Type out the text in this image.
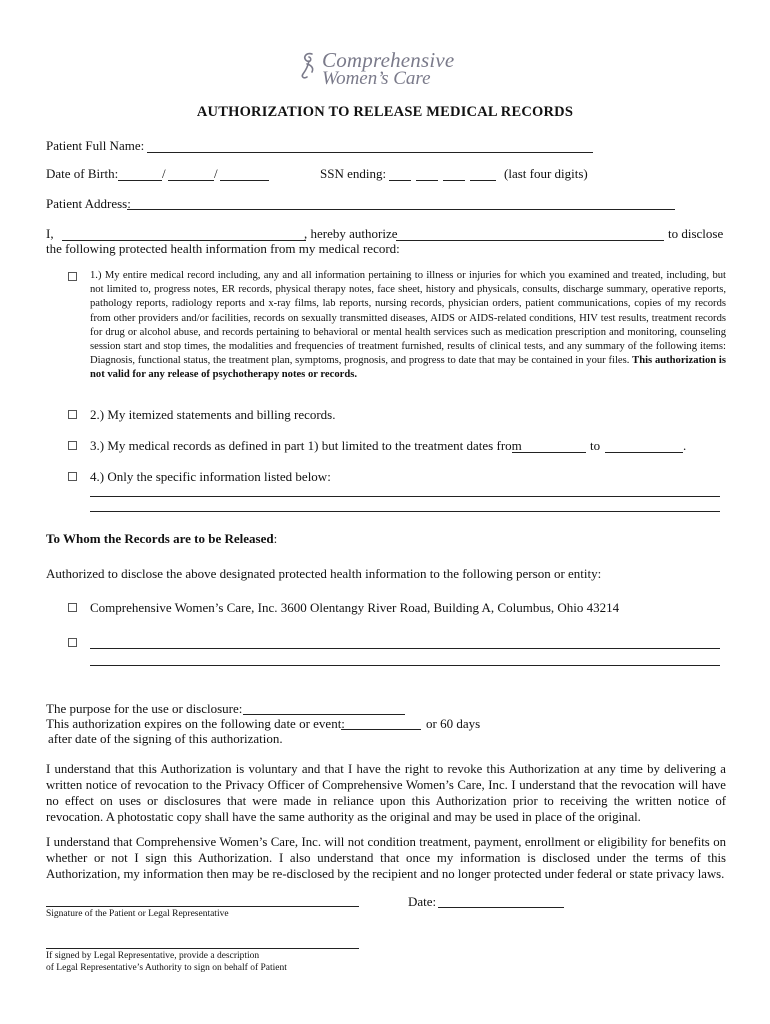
Comprehensive
Women’s Care
AUTHORIZATION TO RELEASE MEDICAL RECORDS
Patient Full Name:
Date of Birth:	/	/	SSN ending:	(last four digits)
Patient Address:
I,	, hereby authorize	to disclose
the following protected health information from my medical record:
1.) My entire medical record including, any and all information pertaining to illness or injuries for which you examined and treated, including, but not limited to, progress notes, ER records, physical therapy notes, face sheet, history and physicals, consults, discharge summary, operative reports, pathology reports, radiology reports and x-ray films, lab reports, nursing records, physician orders, patient communications, copies of my records from other providers and/or facilities, records on sexually transmitted diseases, AIDS or AIDS-related conditions, HIV test results, treatment records for drug or alcohol abuse, and records pertaining to behavioral or mental health services such as medication prescription and monitoring, counseling session start and stop times, the modalities and frequencies of treatment furnished, results of clinical tests, and any summary of the following items: Diagnosis, functional status, the treatment plan, symptoms, prognosis, and progress to date that may be contained in your files. This authorization is not valid for any release of psychotherapy notes or records.
2.) My itemized statements and billing records.
3.) My medical records as defined in part 1) but limited to the treatment dates from	to	.
4.) Only the specific information listed below:
To Whom the Records are to be Released:
Authorized to disclose the above designated protected health information to the following person or entity:
Comprehensive Women’s Care, Inc. 3600 Olentangy River Road, Building A, Columbus, Ohio 43214
The purpose for the use or disclosure:
This authorization expires on the following date or event:	or 60 days
after date of the signing of this authorization.
I understand that this Authorization is voluntary and that I have the right to revoke this Authorization at any time by delivering a written notice of revocation to the Privacy Officer of Comprehensive Women’s Care, Inc. I understand that the revocation will have no effect on uses or disclosures that were made in reliance upon this Authorization prior to receiving the written notice of revocation. A photostatic copy shall have the same authority as the original and may be used in place of the original.
I understand that Comprehensive Women’s Care, Inc. will not condition treatment, payment, enrollment or eligibility for benefits on whether or not I sign this Authorization. I also understand that once my information is disclosed under the terms of this Authorization, my information then may be re-disclosed by the recipient and no longer protected under federal or state privacy laws.
Signature of the Patient or Legal Representative
Date:
If signed by Legal Representative, provide a description
of Legal Representative’s Authority to sign on behalf of Patient
